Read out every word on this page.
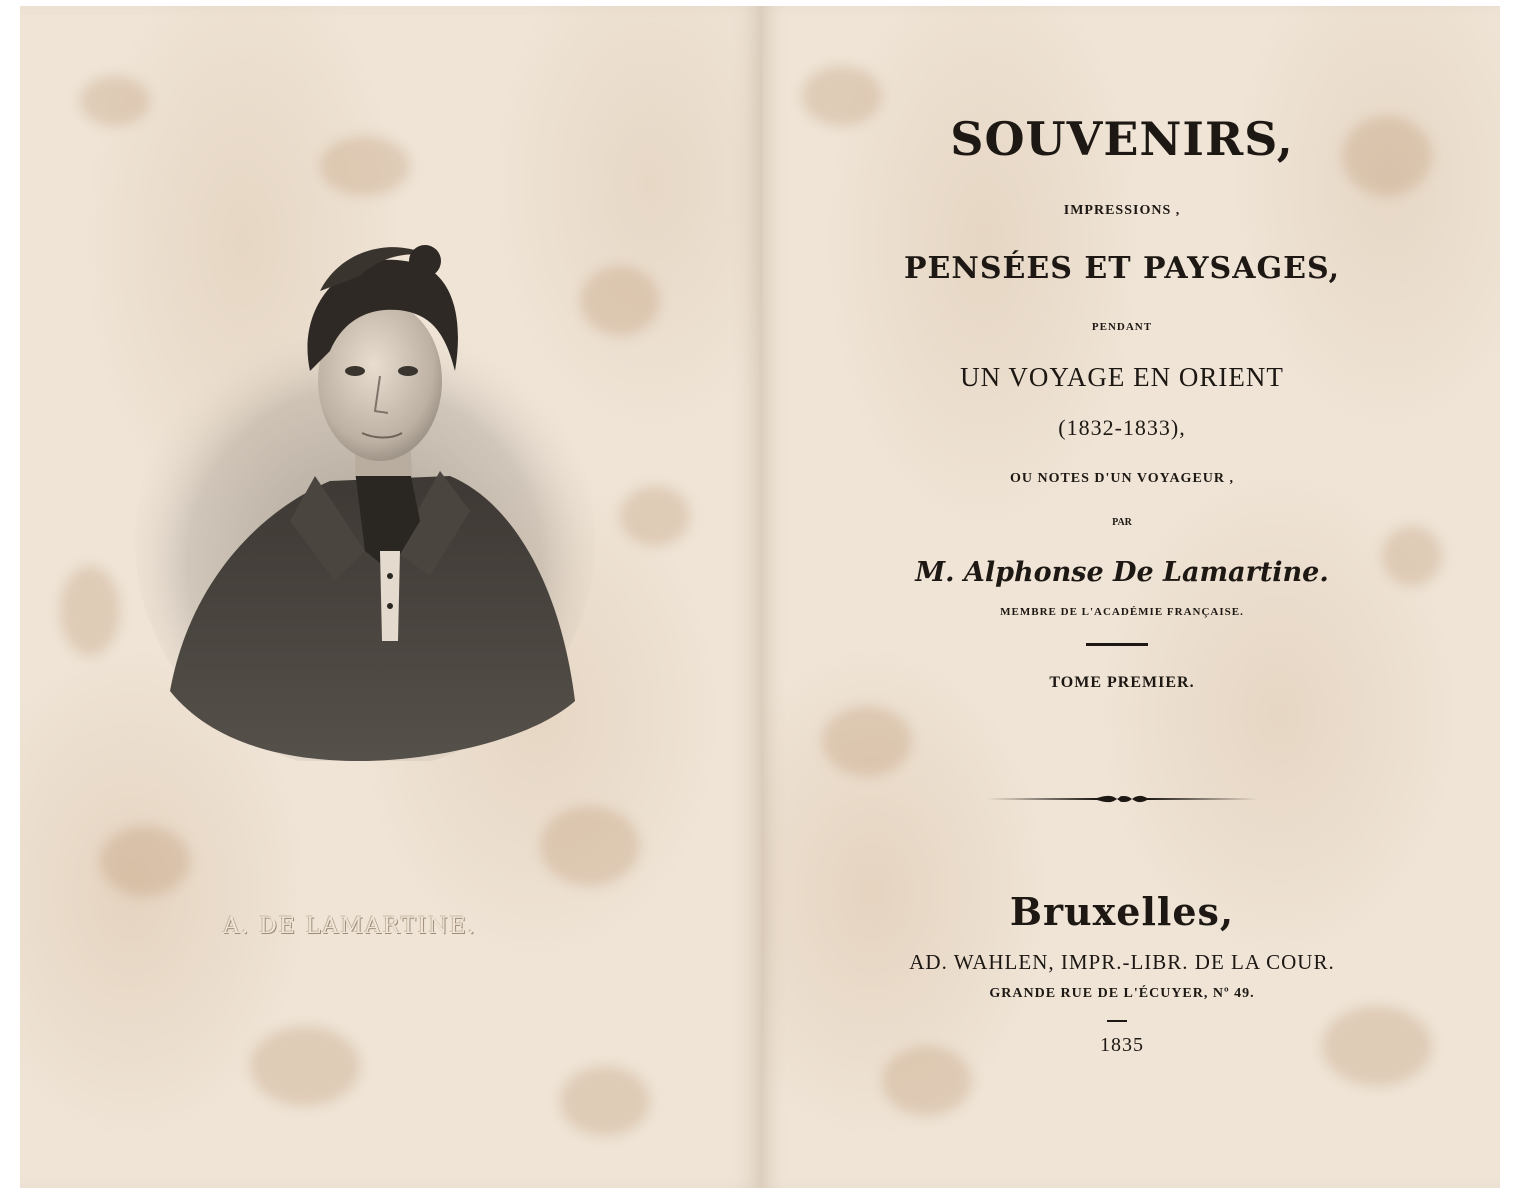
A. DE LAMARTINE.
SOUVENIRS,
IMPRESSIONS ,
PENSÉES ET PAYSAGES,
PENDANT
UN VOYAGE EN ORIENT
(1832-1833),
OU NOTES D'UN VOYAGEUR ,
PAR
M. Alphonse De Lamartine.
MEMBRE DE L'ACADÉMIE FRANÇAISE.
TOME PREMIER.
Bruxelles,
AD. WAHLEN, IMPR.-LIBR. DE LA COUR.
GRANDE RUE DE L'ÉCUYER, Nº 49.
1835
